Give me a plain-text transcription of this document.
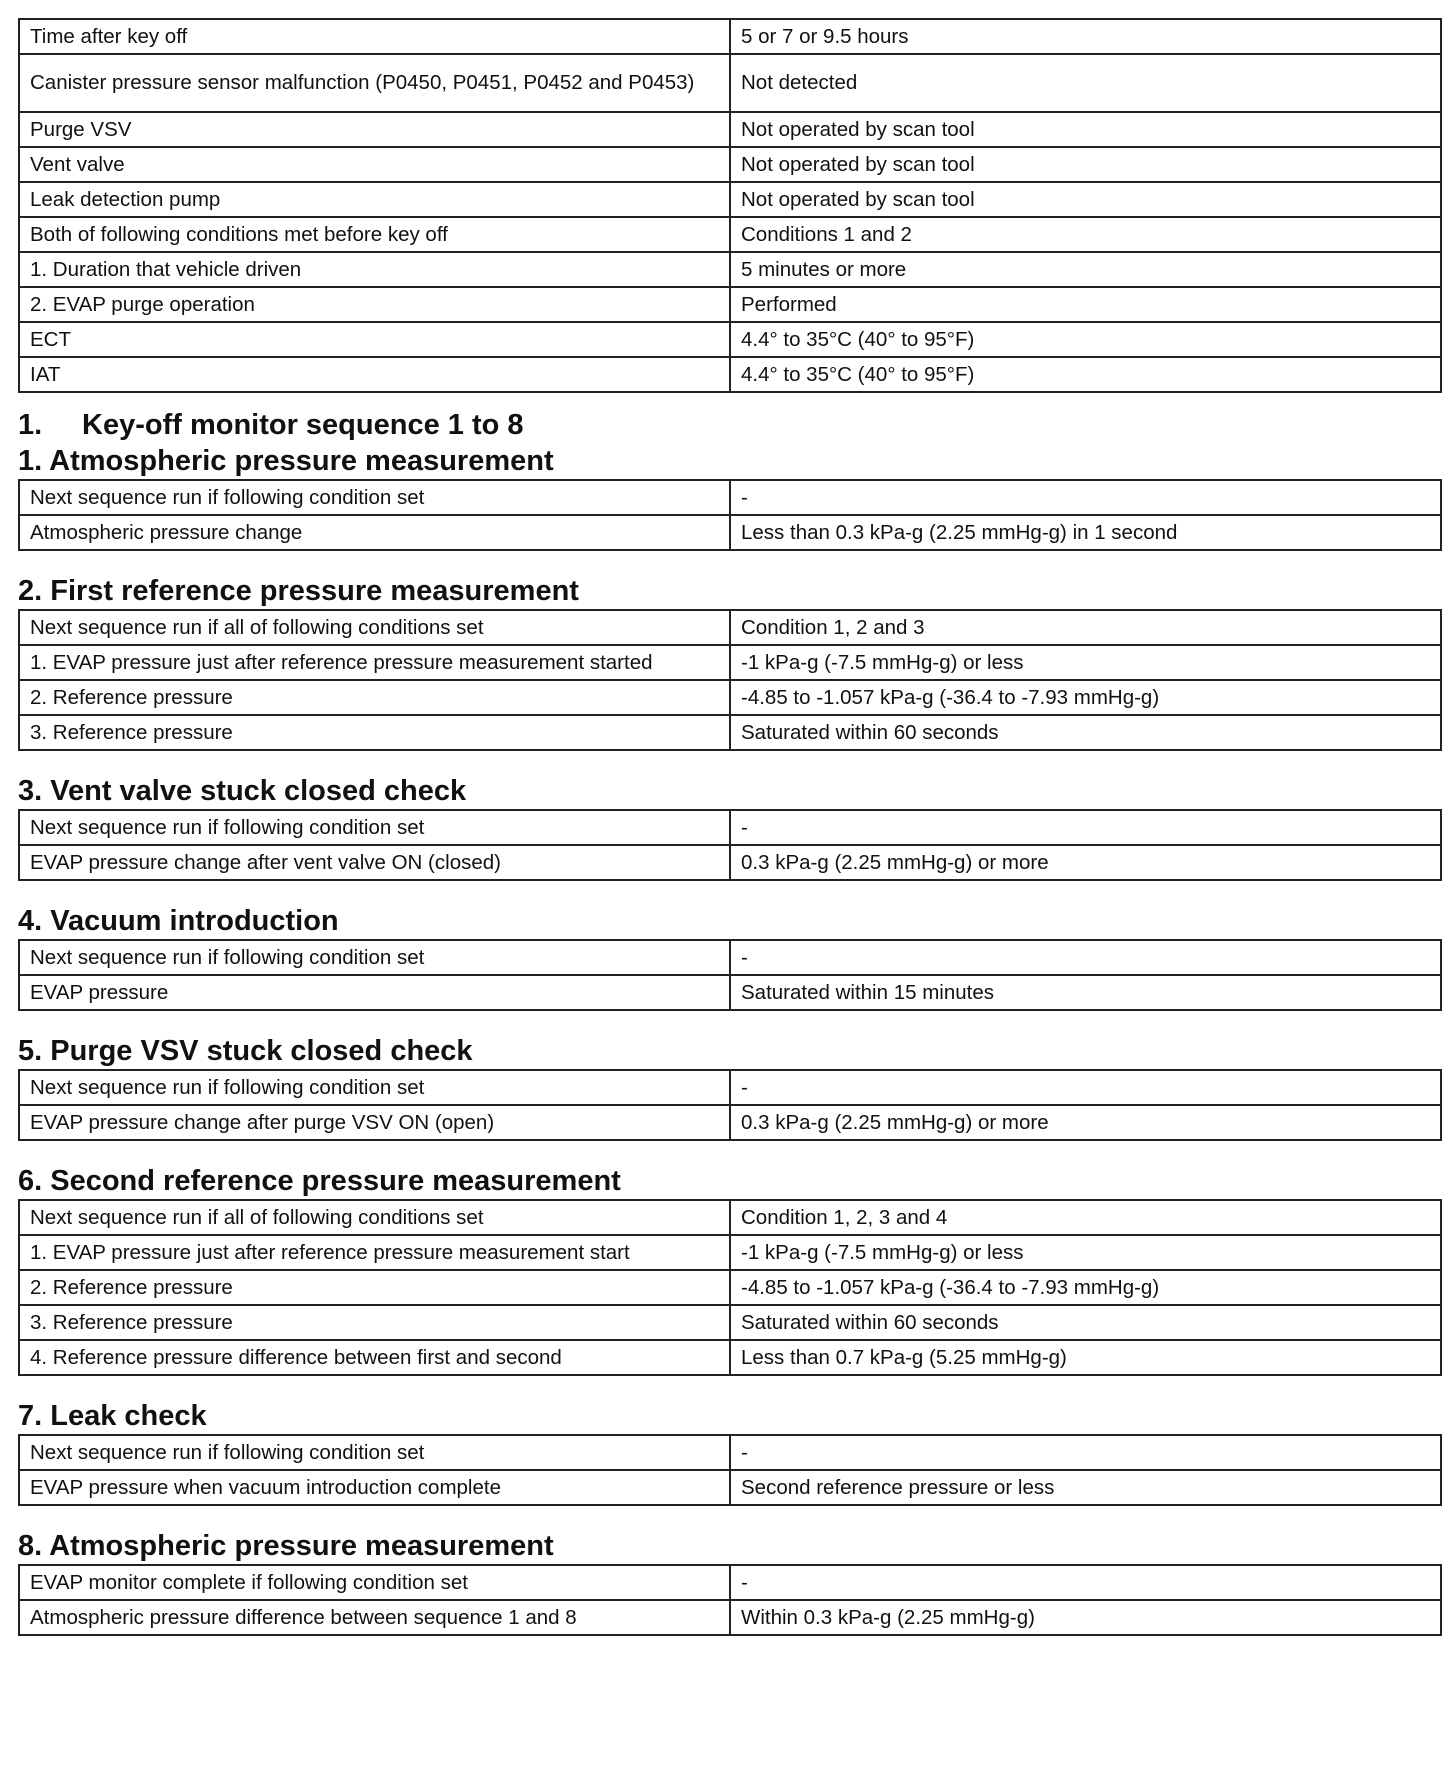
Time after key off	5 or 7 or 9.5 hours
Canister pressure sensor malfunction (P0450, P0451, P0452 and P0453)	Not detected
Purge VSV	Not operated by scan tool
Vent valve	Not operated by scan tool
Leak detection pump	Not operated by scan tool
Both of following conditions met before key off	Conditions 1 and 2
1. Duration that vehicle driven	5 minutes or more
2. EVAP purge operation	Performed
ECT	4.4° to 35°C (40° to 95°F)
IAT	4.4° to 35°C (40° to 95°F)
1. Key-off monitor sequence 1 to 8
1. Atmospheric pressure measurement
Next sequence run if following condition set	-
Atmospheric pressure change	Less than 0.3 kPa-g (2.25 mmHg-g) in 1 second
2. First reference pressure measurement
Next sequence run if all of following conditions set	Condition 1, 2 and 3
1. EVAP pressure just after reference pressure measurement started	-1 kPa-g (-7.5 mmHg-g) or less
2. Reference pressure	-4.85 to -1.057 kPa-g (-36.4 to -7.93 mmHg-g)
3. Reference pressure	Saturated within 60 seconds
3. Vent valve stuck closed check
Next sequence run if following condition set	-
EVAP pressure change after vent valve ON (closed)	0.3 kPa-g (2.25 mmHg-g) or more
4. Vacuum introduction
Next sequence run if following condition set	-
EVAP pressure	Saturated within 15 minutes
5. Purge VSV stuck closed check
Next sequence run if following condition set	-
EVAP pressure change after purge VSV ON (open)	0.3 kPa-g (2.25 mmHg-g) or more
6. Second reference pressure measurement
Next sequence run if all of following conditions set	Condition 1, 2, 3 and 4
1. EVAP pressure just after reference pressure measurement start	-1 kPa-g (-7.5 mmHg-g) or less
2. Reference pressure	-4.85 to -1.057 kPa-g (-36.4 to -7.93 mmHg-g)
3. Reference pressure	Saturated within 60 seconds
4. Reference pressure difference between first and second	Less than 0.7 kPa-g (5.25 mmHg-g)
7. Leak check
Next sequence run if following condition set	-
EVAP pressure when vacuum introduction complete	Second reference pressure or less
8. Atmospheric pressure measurement
EVAP monitor complete if following condition set	-
Atmospheric pressure difference between sequence 1 and 8	Within 0.3 kPa-g (2.25 mmHg-g)
